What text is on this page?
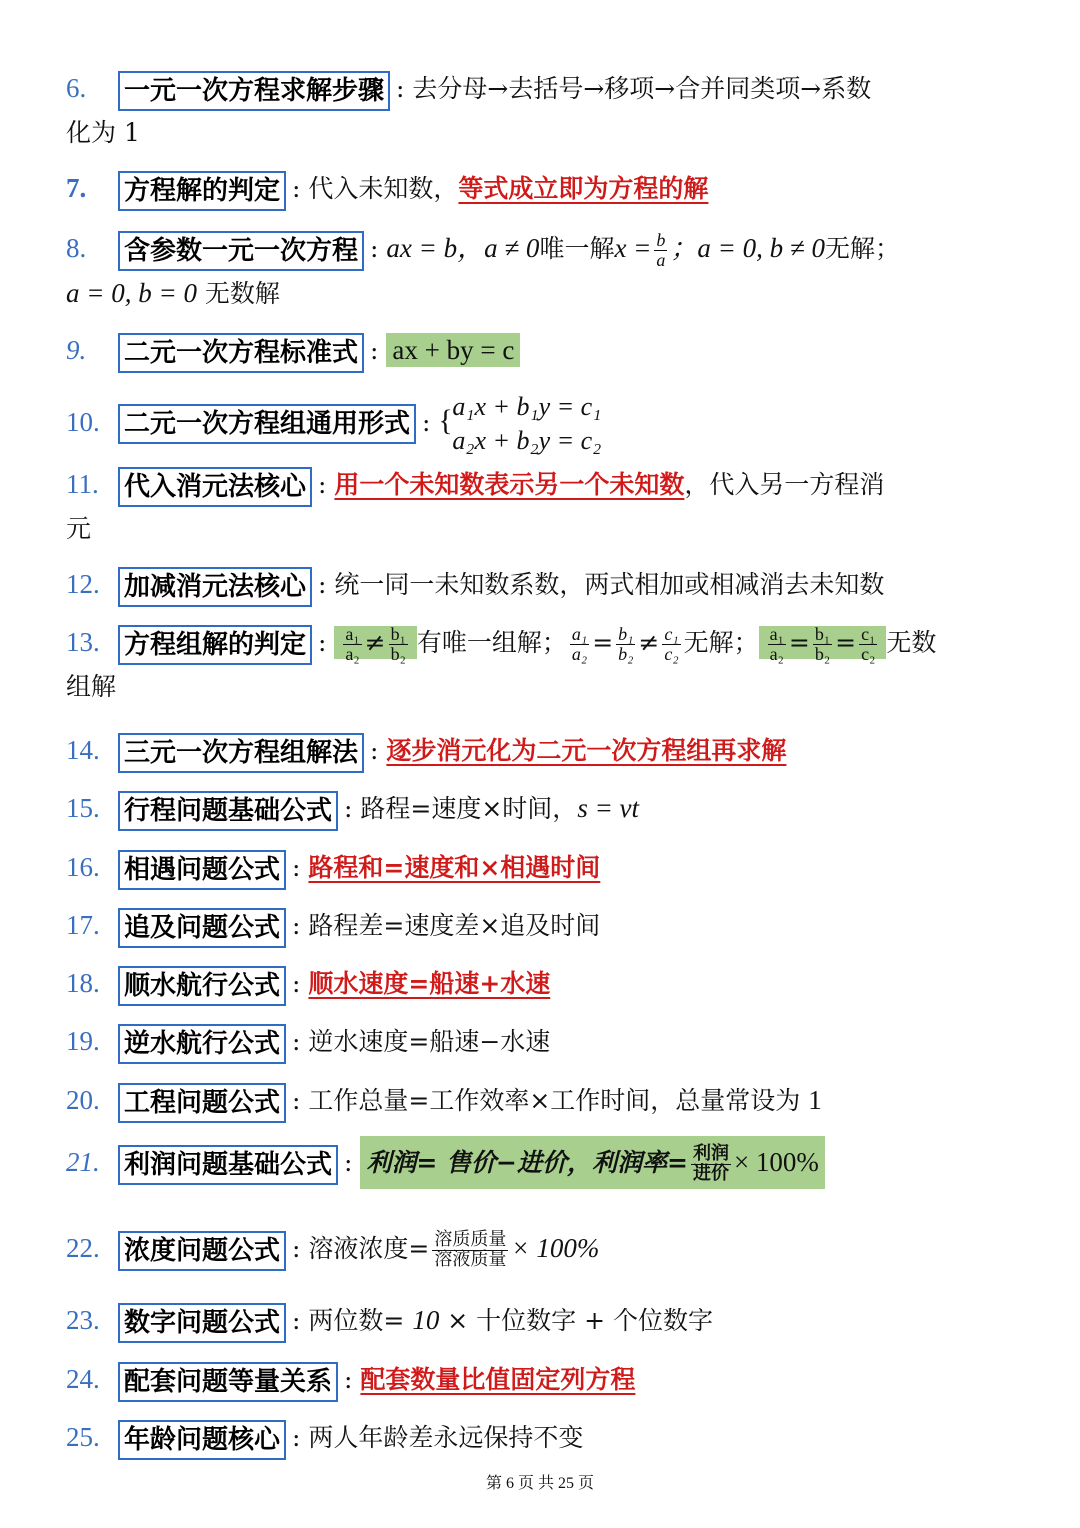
6. 一元一次方程求解步骤 : 去分母→去括号→移项→合并同类项→系数
化为 1
7. 方程解的判定 : 代入未知数，等式成立即为方程的解
8. 含参数一元一次方程 : ax = b，a ≠ 0唯一解$x = \frac{b}{a}$ ；a = 0, b ≠ 0无解；
a = 0, b = 0 无数解
9. 二元一次方程标准式 : ax + by = c
10. 二元一次方程组通用形式 :
{ a₁x + b₁y = c₁
a₂x + b₂y = c₂
11. 代入消元法核心 : 用一个未知数表示另一个未知数，代入另一方程消
元
12. 加减消元法核心 : 统一同一未知数系数，两式相加或相减消去未知数
13. 方程组解的判定 : $\frac{\text{a₁}}{\text{a₂}} \ne \frac{\text{b₁}}{\text{b₂}}$ 有唯一组解； $\frac{\text{a₁}}{\text{a₂}} = \frac{\text{b₁}}{\text{b₂}} \ne \frac{\text{c₁}}{\text{c₂}}$ 无解； $\frac{\text{a₁}}{\text{a₂}} = \frac{\text{b₁}}{\text{b₂}} = \frac{\text{c₁}}{\text{c₂}}$ 无数
组解
14. 三元一次方程组解法 : 逐步消元化为二元一次方程组再求解
15. 行程问题基础公式 : 路程=速度×时间，s = vt
16. 相遇问题公式 : 路程和=速度和×相遇时间
17. 追及问题公式 : 路程差=速度差×追及时间
18. 顺水航行公式 : 顺水速度=船速+水速
19. 逆水航行公式 : 逆水速度=船速−水速
20. 工程问题公式 : 工作总量=工作效率×工作时间，总量常设为 1
21. 利润问题基础公式 : 利润= 售价−进价，利润率= $\frac{\text{利润}}{\text{进价}} \times 100\%$
22. 浓度问题公式 : 溶液浓度= $\frac{\text{溶质质量}}{\text{溶液质量}} \times 100\%$
23. 数字问题公式 : 两位数= 10 × 十位数字 + 个位数字
24. 配套问题等量关系 : 配套数量比值固定列方程
25. 年龄问题核心 : 两人年龄差永远保持不变
第 6 页 共 25 页
